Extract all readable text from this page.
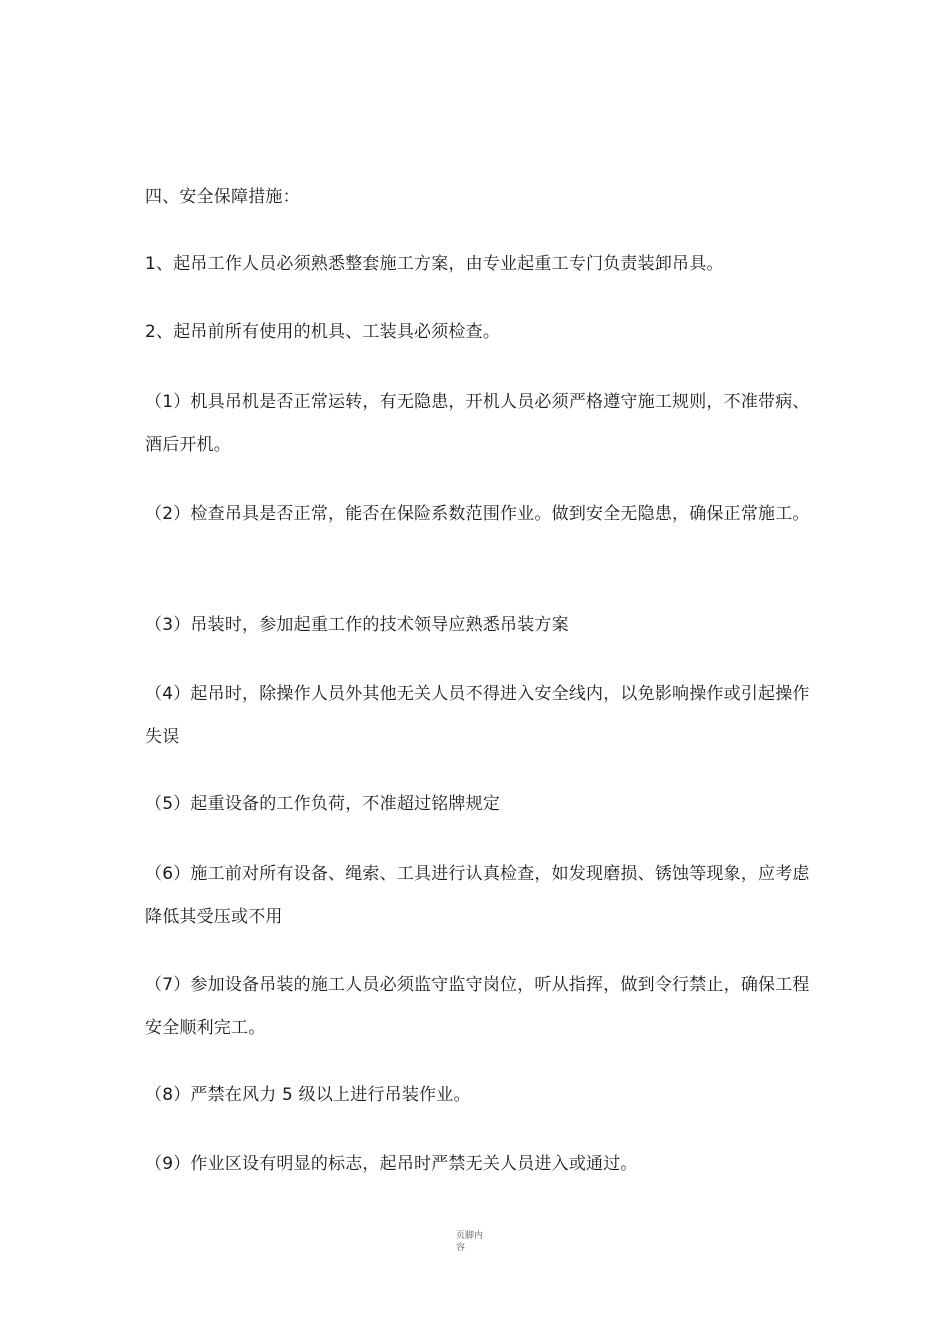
四、安全保障措施：

1、起吊工作人员必须熟悉整套施工方案，由专业起重工专门负责装卸吊具。

2、起吊前所有使用的机具、工装具必须检查。

（1）机具吊机是否正常运转，有无隐患，开机人员必须严格遵守施工规则，不准带病、酒后开机。

（2）检查吊具是否正常，能否在保险系数范围作业。做到安全无隐患，确保正常施工。

（3）吊装时，参加起重工作的技术领导应熟悉吊装方案

（4）起吊时，除操作人员外其他无关人员不得进入安全线内，以免影响操作或引起操作失误

（5）起重设备的工作负荷，不准超过铭牌规定

（6）施工前对所有设备、绳索、工具进行认真检查，如发现磨损、锈蚀等现象，应考虑降低其受压或不用

（7）参加设备吊装的施工人员必须监守监守岗位，听从指挥，做到令行禁止，确保工程安全顺利完工。

（8）严禁在风力 5 级以上进行吊装作业。

（9）作业区设有明显的标志，起吊时严禁无关人员进入或通过。

页脚内容
